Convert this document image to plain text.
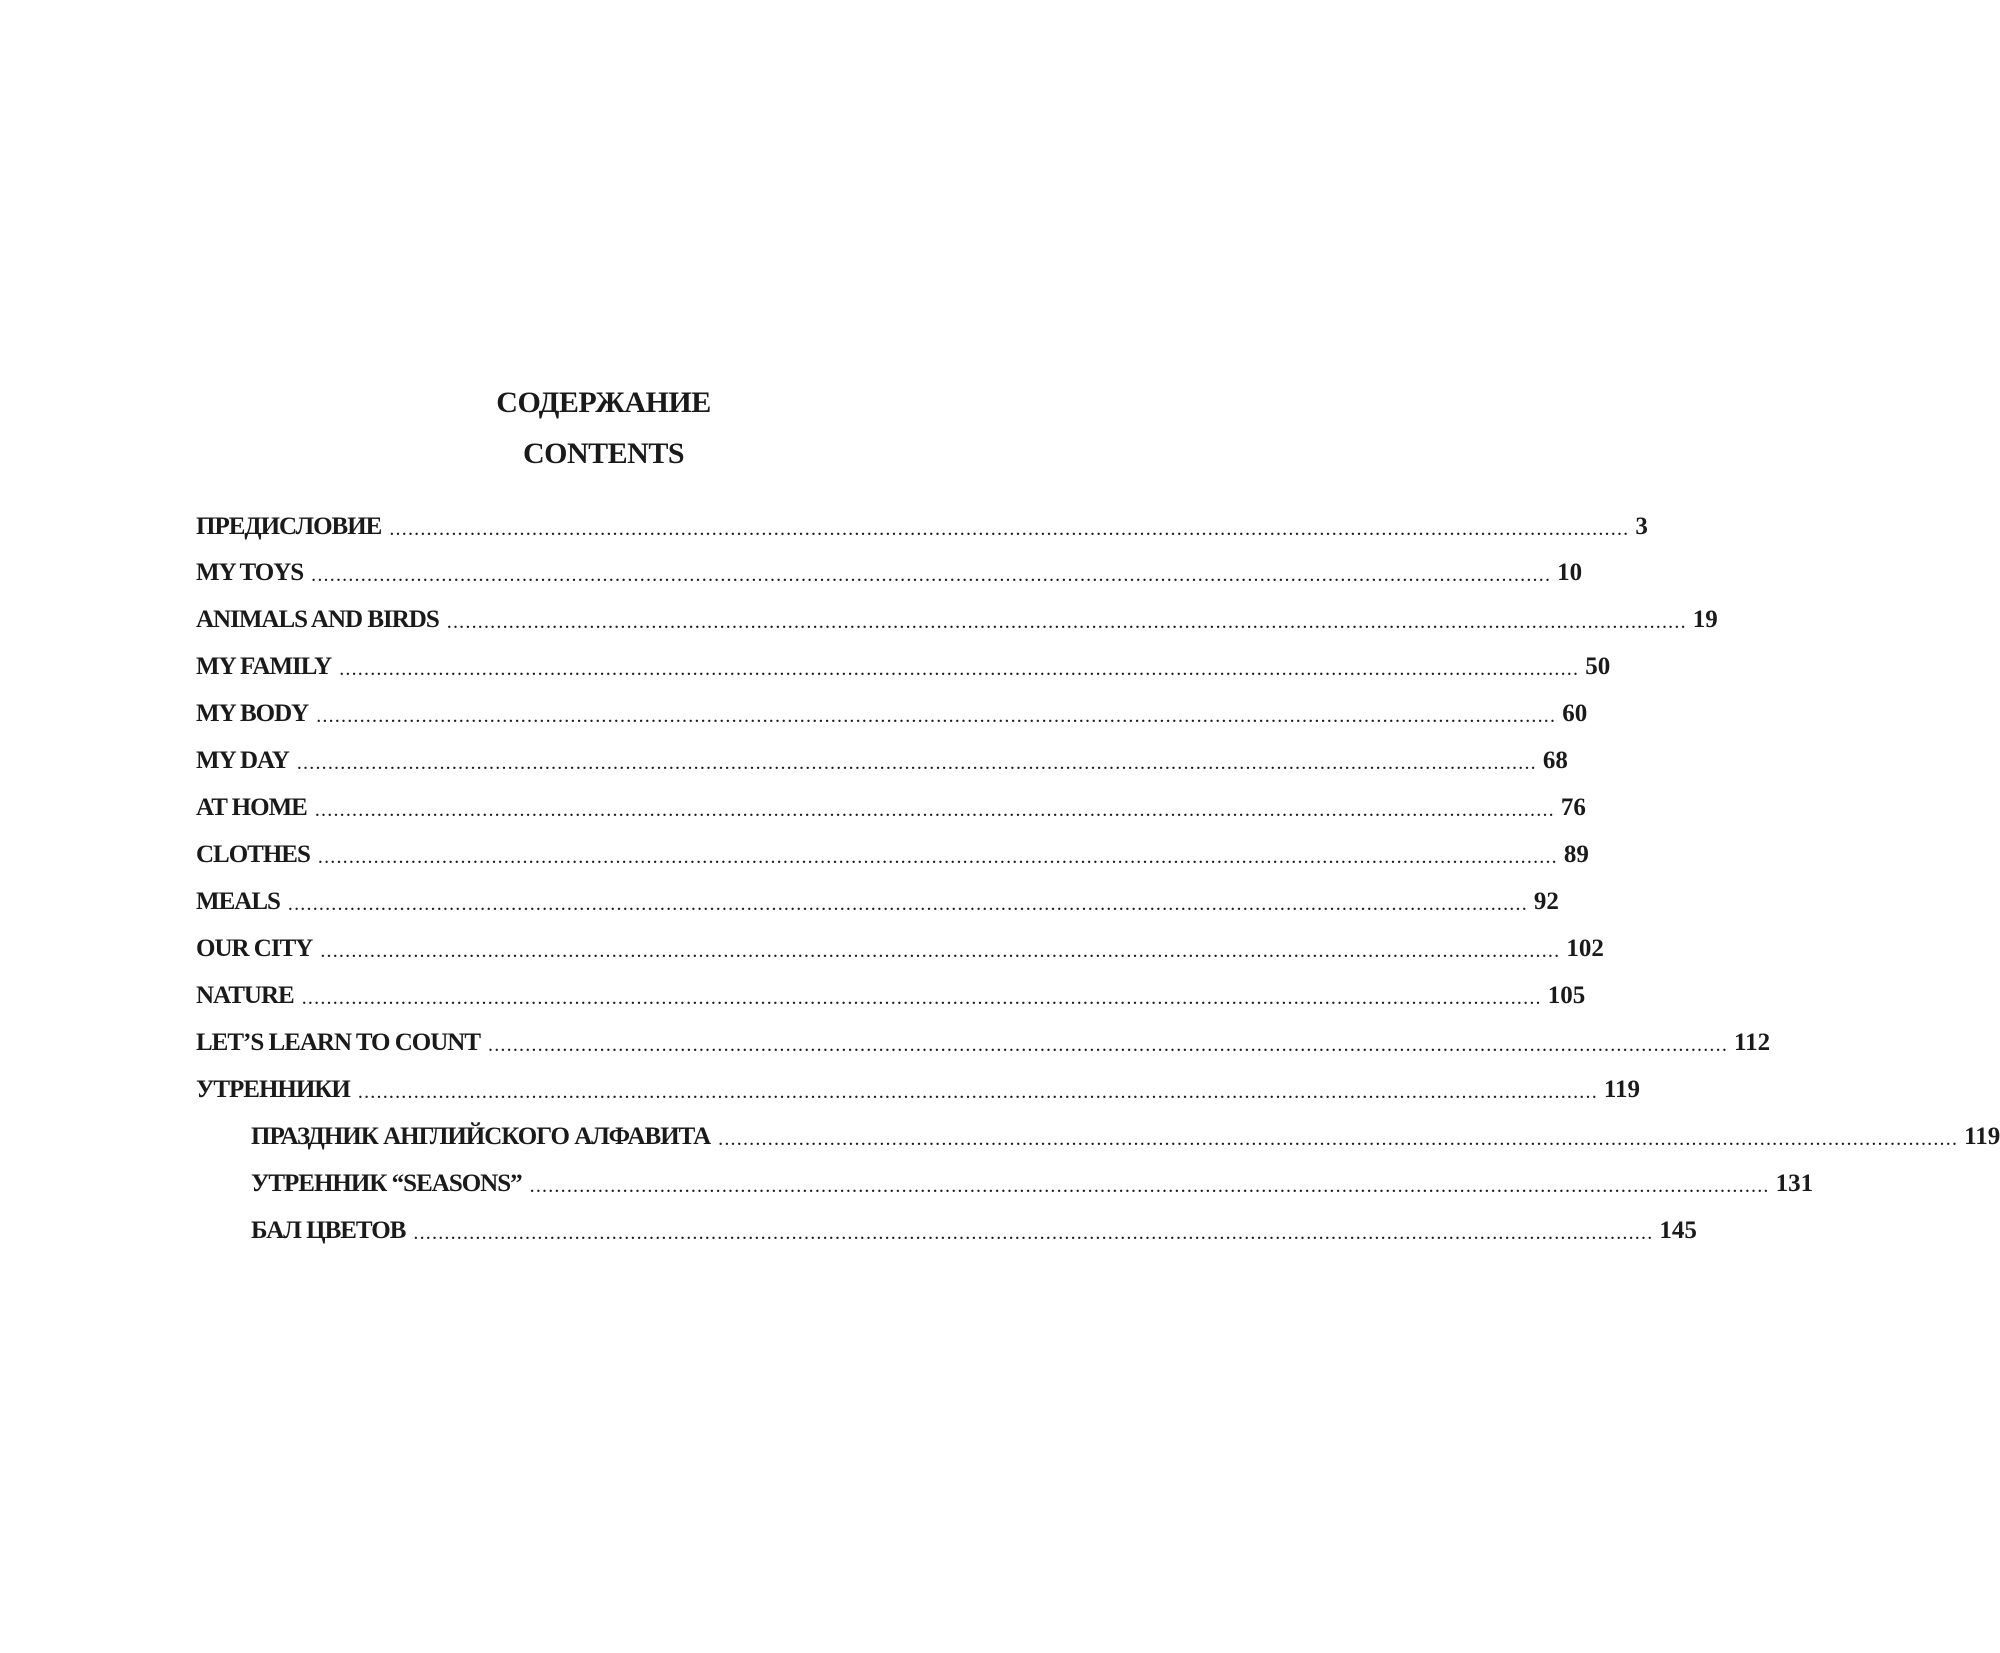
СОДЕРЖАНИЕ
CONTENTS
ПРЕДИСЛОВИЕ ........................................................................................................................................................................................................ 3
MY TOYS ........................................................................................................................................................................................................ 10
ANIMALS AND BIRDS ........................................................................................................................................................................................................ 19
MY FAMILY ........................................................................................................................................................................................................ 50
MY BODY ........................................................................................................................................................................................................ 60
MY DAY ........................................................................................................................................................................................................ 68
AT HOME ........................................................................................................................................................................................................ 76
CLOTHES ........................................................................................................................................................................................................ 89
MEALS ........................................................................................................................................................................................................ 92
OUR CITY ........................................................................................................................................................................................................ 102
NATURE ........................................................................................................................................................................................................ 105
LET’S LEARN TO COUNT ........................................................................................................................................................................................................ 112
УТРЕННИКИ ........................................................................................................................................................................................................ 119
ПРАЗДНИК АНГЛИЙСКОГО АЛФАВИТА ........................................................................................................................................................................................................ 119
УТРЕННИК “SEASONS” ........................................................................................................................................................................................................ 131
БАЛ ЦВЕТОВ ........................................................................................................................................................................................................ 145
